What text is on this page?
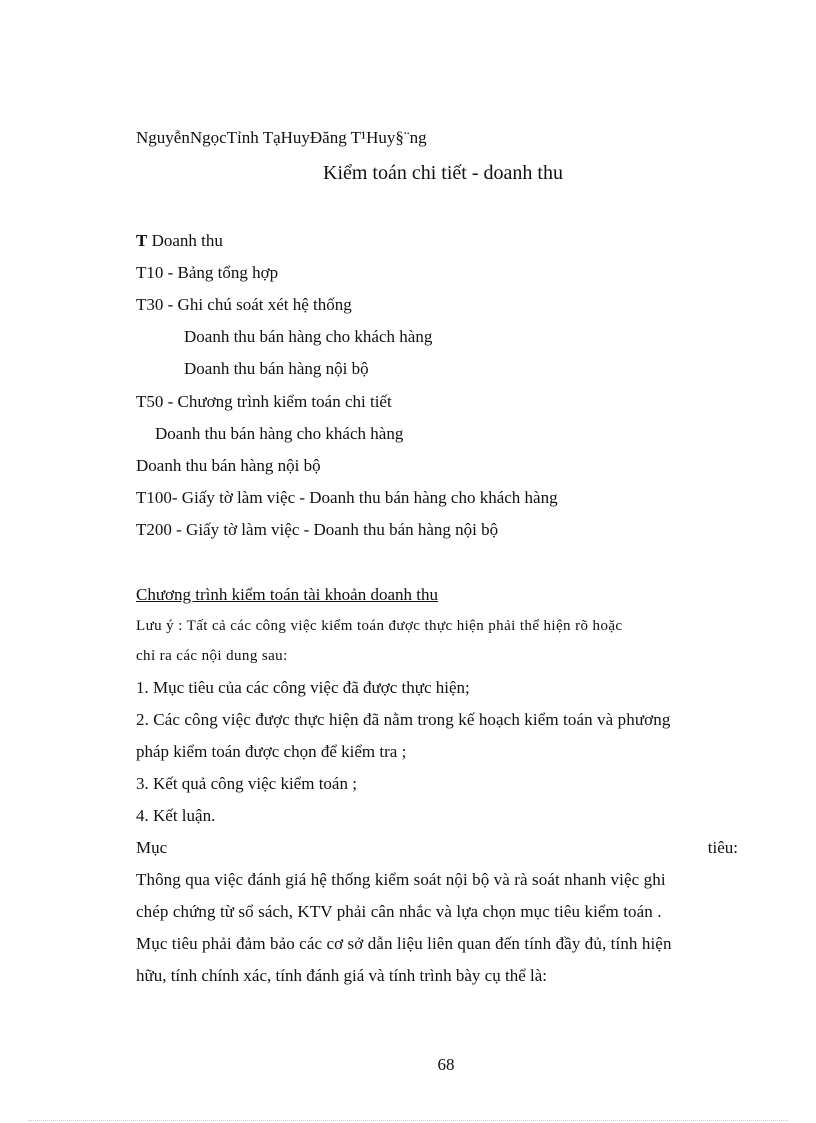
NguyễnNgọcTỉnh TạHuyĐăng T¹Huy§¨ng
Kiểm toán chi tiết - doanh thu
T Doanh thu
T10 - Bảng tổng hợp
T30 - Ghi chú soát xét hệ thống
Doanh thu bán hàng cho khách hàng
Doanh thu bán hàng nội bộ
T50 - Chương trình kiểm toán chi tiết
Doanh thu bán hàng cho khách hàng
Doanh thu bán hàng nội bộ
T100- Giấy tờ làm việc - Doanh thu bán hàng cho khách hàng
T200 - Giấy tờ làm việc - Doanh thu bán hàng nội bộ
Chương trình kiểm toán tài khoản doanh thu
Lưu ý : Tất cả các công việc kiểm toán được thực hiện phải thể hiện rõ hoặc
chỉ ra các nội dung sau:
1. Mục tiêu của các công việc đã được thực hiện;
2. Các công việc được thực hiện đã nằm trong kế hoạch kiểm toán và phương
pháp kiểm toán được chọn để kiểm tra ;
3. Kết quả công việc kiểm toán ;
4. Kết luận.
Mục	tiêu:
Thông qua việc đánh giá hệ thống kiểm soát nội bộ và rà soát nhanh việc ghi
chép chứng từ sổ sách, KTV phải cân nhắc và lựa chọn mục tiêu kiểm toán .
Mục tiêu phải đảm bảo các cơ sở dẫn liệu liên quan đến tính đầy đủ, tính hiện
hữu, tính chính xác, tính đánh giá và tính trình bày cụ thể là:
68
